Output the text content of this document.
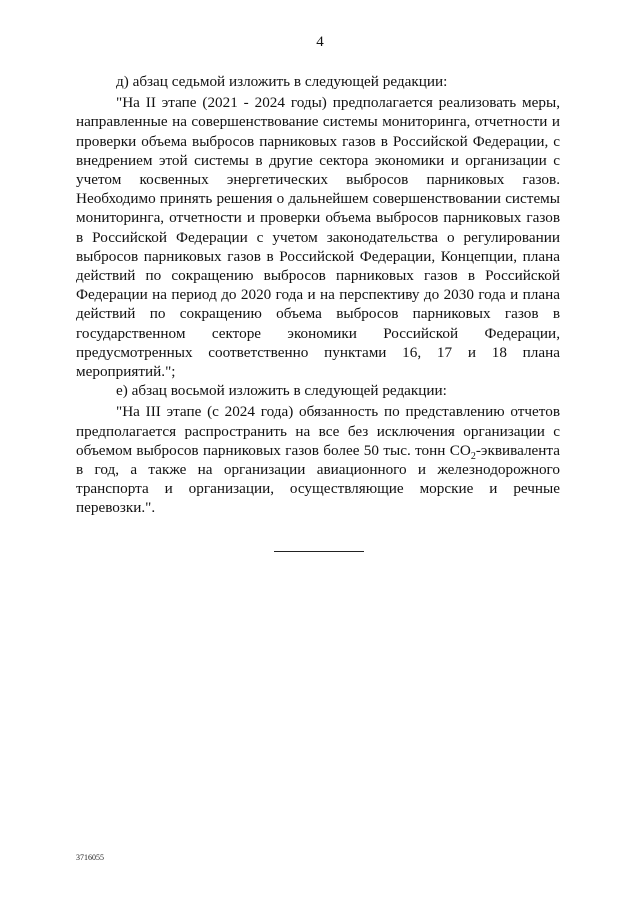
4

д) абзац седьмой изложить в следующей редакции:

"На II этапе (2021 - 2024 годы) предполагается реализовать меры, направленные на совершенствование системы мониторинга, отчетности и проверки объема выбросов парниковых газов в Российской Федерации, с внедрением этой системы в другие сектора экономики и организации с учетом косвенных энергетических выбросов парниковых газов. Необходимо принять решения о дальнейшем совершенствовании системы мониторинга, отчетности и проверки объема выбросов парниковых газов в Российской Федерации с учетом законодательства о регулировании выбросов парниковых газов в Российской Федерации, Концепции, плана действий по сокращению выбросов парниковых газов в Российской Федерации на период до 2020 года и на перспективу до 2030 года и плана действий по сокращению объема выбросов парниковых газов в государственном секторе экономики Российской Федерации, предусмотренных соответственно пунктами 16, 17 и 18 плана мероприятий.";

е) абзац восьмой изложить в следующей редакции:

"На III этапе (с 2024 года) обязанность по представлению отчетов предполагается распространить на все без исключения организации с объемом выбросов парниковых газов более 50 тыс. тонн $CO_2$-эквивалента в год, а также на организации авиационного и железнодорожного транспорта и организации, осуществляющие морские и речные перевозки.".

3716055
